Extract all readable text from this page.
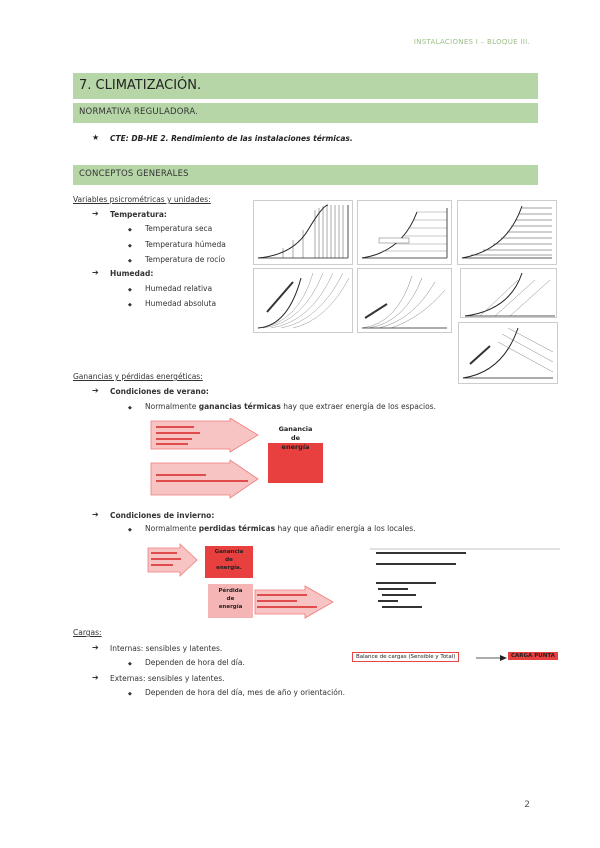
INSTALACIONES I – BLOQUE III.
7. CLIMATIZACIÓN.
NORMATIVA REGULADORA.
★ CTE: DB-HE 2. Rendimiento de las instalaciones térmicas.
CONCEPTOS GENERALES
Variables psicrométricas y unidades:
➔ Temperatura:
◆ Temperatura seca
◆ Temperatura húmeda
◆ Temperatura de rocío
➔ Humedad:
◆ Humedad relativa
◆ Humedad absoluta
Ganancias y pérdidas energéticas:
➔ Condiciones de verano:
◆ Normalmente ganancias térmicas hay que extraer energía de los espacios.
Ganancia
de
energía
➔ Condiciones de invierno:
◆ Normalmente perdidas térmicas hay que añadir energía a los locales.
Ganancia
de
energía.
Pérdida
de
energía
Cargas:
➔ Internas: sensibles y latentes.
◆ Dependen de hora del día.
➔ Externas: sensibles y latentes.
◆ Dependen de hora del día, mes de año y orientación.
Balance de cargas (Sensible y Total)	CARGA PUNTA
2
